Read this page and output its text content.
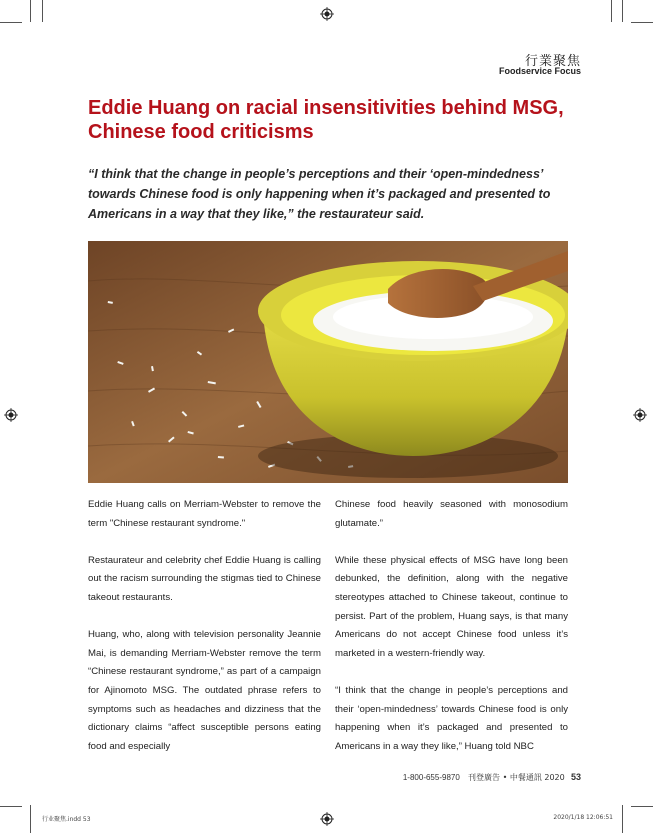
行業聚焦
Foodservice Focus
Eddie Huang on racial insensitivities behind MSG, Chinese food criticisms
“I think that the change in people’s perceptions and their ‘open-mindedness’ towards Chinese food is only happening when it’s packaged and presented to Americans in a way that they like,” the restaurateur said.

Eddie Huang calls on Merriam-Webster to remove the term "Chinese restaurant syndrome."

Restaurateur and celebrity chef Eddie Huang is calling out the racism surrounding the stigmas tied to Chinese takeout restaurants.

Huang, who, along with television personality Jeannie Mai, is demanding Merriam-Webster remove the term “Chinese restaurant syndrome,” as part of a campaign for Ajinomoto MSG. The outdated phrase refers to symptoms such as headaches and dizziness that the dictionary claims “affect susceptible persons eating food and especially

Chinese food heavily seasoned with monosodium glutamate.”

While these physical effects of MSG have long been debunked, the definition, along with the negative stereotypes attached to Chinese takeout, continue to persist. Part of the problem, Huang says, is that many Americans do not accept Chinese food unless it’s marketed in a western-friendly way.

“I think that the change in people’s perceptions and their ‘open-mindedness’ towards Chinese food is only happening when it’s packaged and presented to Americans in a way they like,” Huang told NBC

1-800-655-9870 刊登廣告 • 中餐通訊 2020 53
行业聚焦.indd 53	2020/1/18 12:06:51
